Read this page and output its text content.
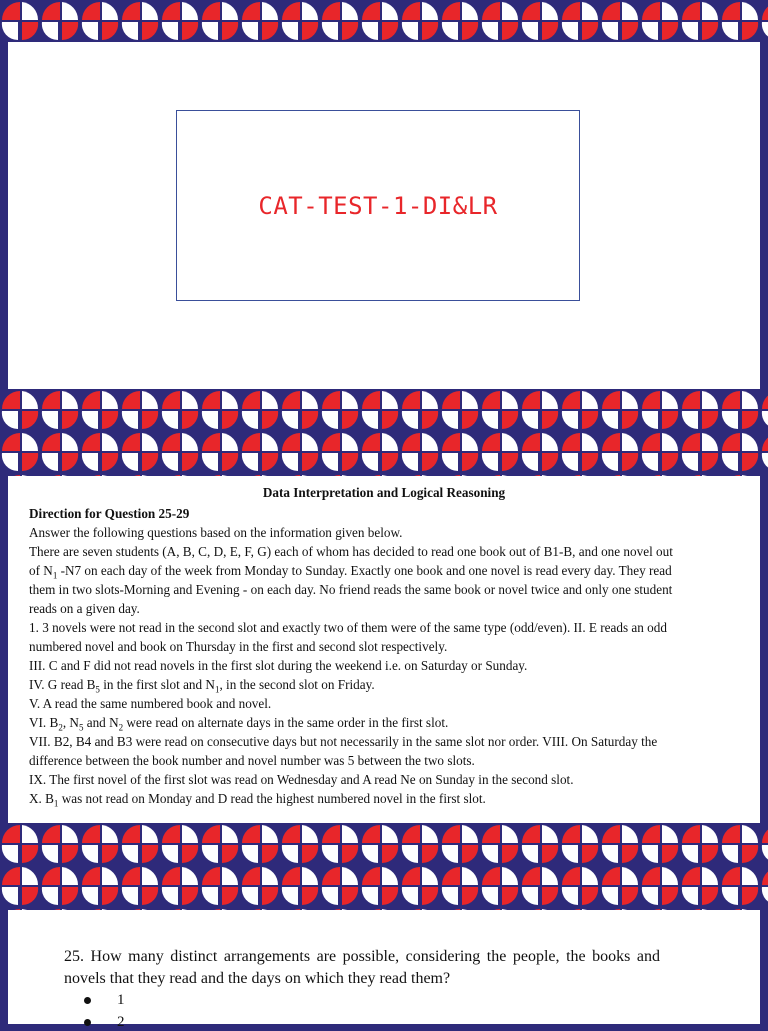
CAT-TEST-1-DI&LR
Data Interpretation and Logical Reasoning
Direction for Question 25-29
Answer the following questions based on the information given below.
There are seven students (A, B, C, D, E, F, G) each of whom has decided to read one book out of B1-B, and one novel out
of $N_1$ -N7 on each day of the week from Monday to Sunday. Exactly one book and one novel is read every day. They read
them in two slots-Morning and Evening - on each day. No friend reads the same book or novel twice and only one student
reads on a given day.
1. 3 novels were not read in the second slot and exactly two of them were of the same type (odd/even). II. E reads an odd
numbered novel and book on Thursday in the first and second slot respectively.
III. C and F did not read novels in the first slot during the weekend i.e. on Saturday or Sunday.
IV. G read $B_5$ in the first slot and $N_1$, in the second slot on Friday.
V. A read the same numbered book and novel.
VI. $B_2$, $N_5$ and $N_2$ were read on alternate days in the same order in the first slot.
VII. B2, B4 and B3 were read on consecutive days but not necessarily in the same slot nor order. VIII. On Saturday the
difference between the book number and novel number was 5 between the two slots.
IX. The first novel of the first slot was read on Wednesday and A read Ne on Sunday in the second slot.
X. $B_1$ was not read on Monday and D read the highest numbered novel in the first slot.
25. How many distinct arrangements are possible, considering the people, the books and novels that they read and the days on which they read them?
1
2
